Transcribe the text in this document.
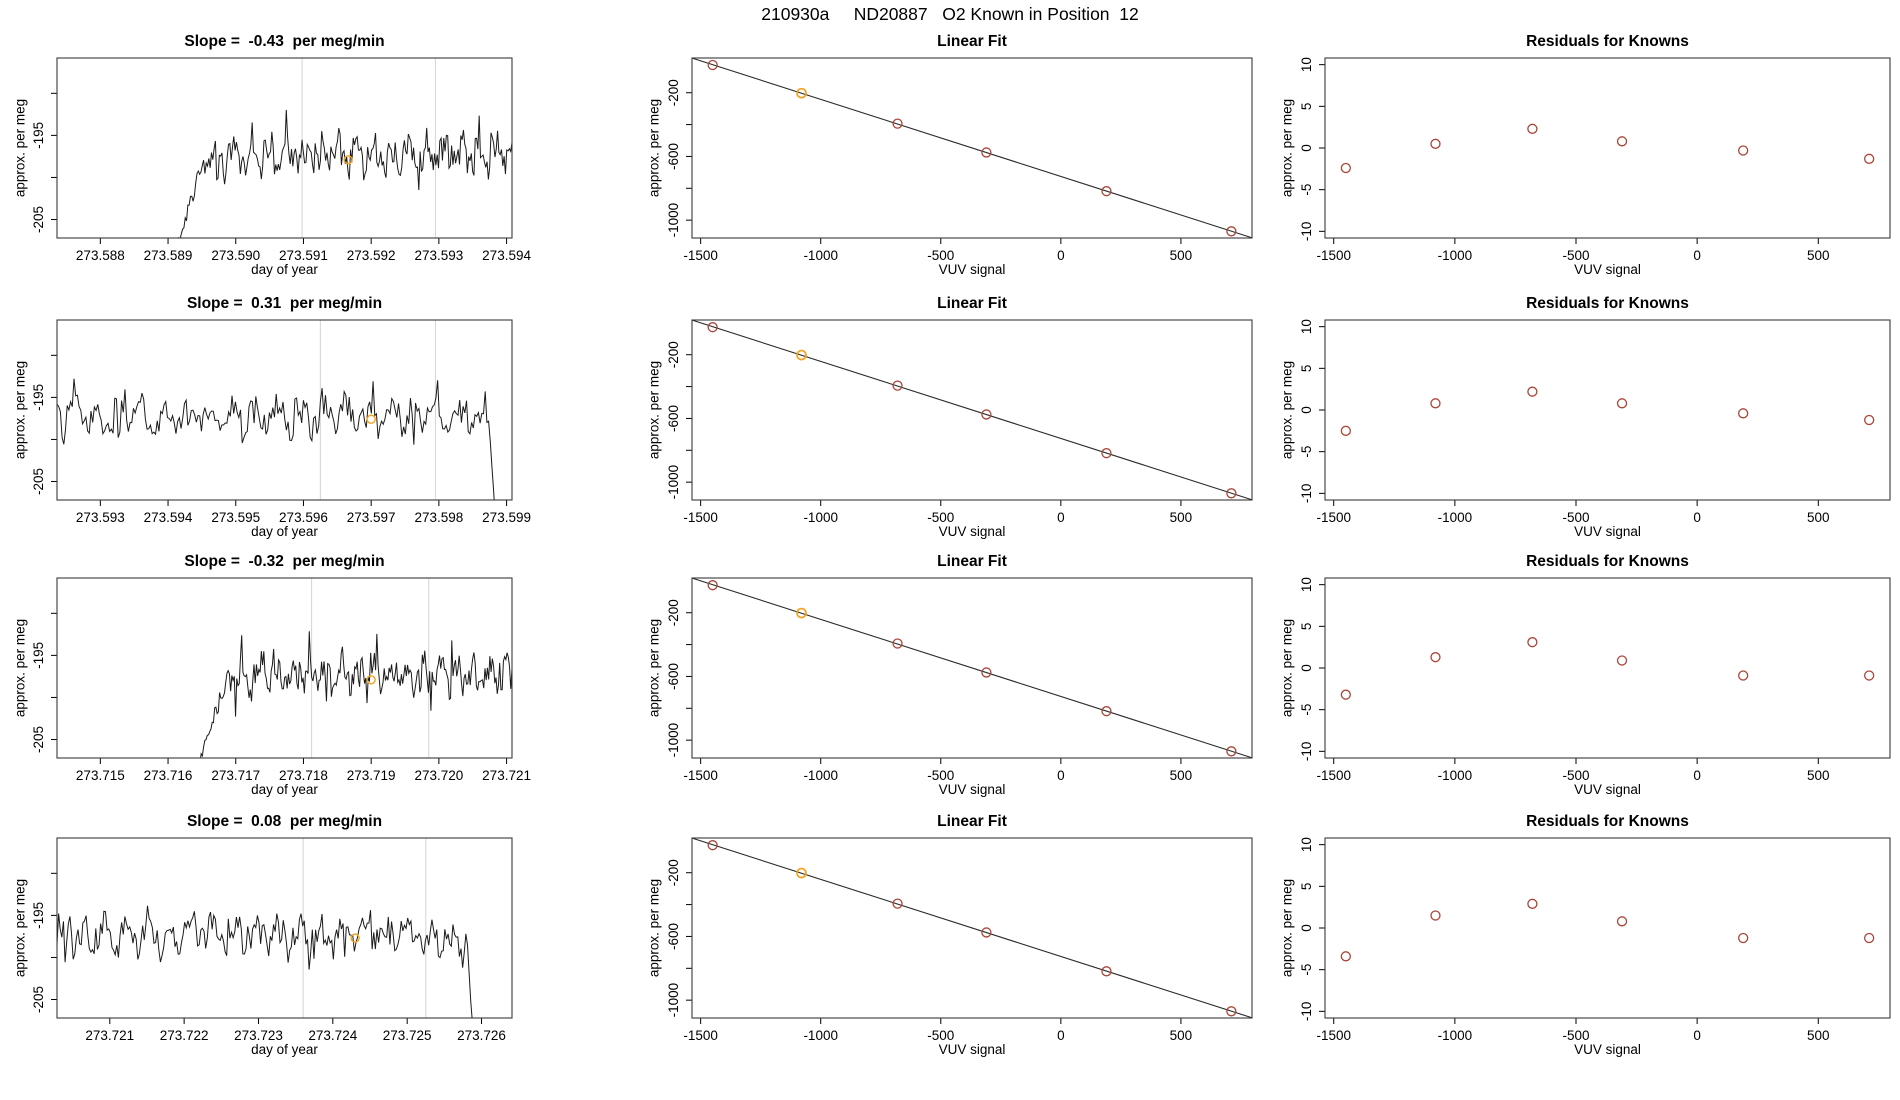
273.588 273.589 273.590 273.591 273.592 273.593 273.594
-195
-205
-1500	-1000	-500	0	500
-200
-600
-1000
-1500	-1000	-500	0	500
-10
-5
0
5
10
273.593 273.594 273.595 273.596 273.597 273.598 273.599
-195
-205
-1500	-1000	-500	0	500
-200
-600
-1000
-1500	-1000	-500	0	500
-10
-5
0
5
10
273.715 273.716 273.717 273.718 273.719 273.720 273.721
-195
-205
-1500	-1000	-500	0	500
-200
-600
-1000
-1500	-1000	-500	0	500
-10
-5
0
5
10
273.721 273.722 273.723 273.724 273.725 273.726
-195
-205
-1500	-1000	-500	0	500
-200
-600
-1000
-1500	-1000	-500	0	500
-10
-5
0
5
10
210930a     ND20887   O2 Known in Position  12
Slope =  -0.43  per meg/min	Linear Fit	Residuals for Knowns
day of year	VUV signal	VUV signal
approx. per meg	approx. per meg	approx. per meg
Slope =  0.31  per meg/min	Linear Fit	Residuals for Knowns
day of year	VUV signal	VUV signal
approx. per meg	approx. per meg	approx. per meg
Slope =  -0.32  per meg/min	Linear Fit	Residuals for Knowns
day of year	VUV signal	VUV signal
approx. per meg	approx. per meg	approx. per meg
Slope =  0.08  per meg/min	Linear Fit	Residuals for Knowns
day of year	VUV signal	VUV signal
approx. per meg	approx. per meg	approx. per meg
